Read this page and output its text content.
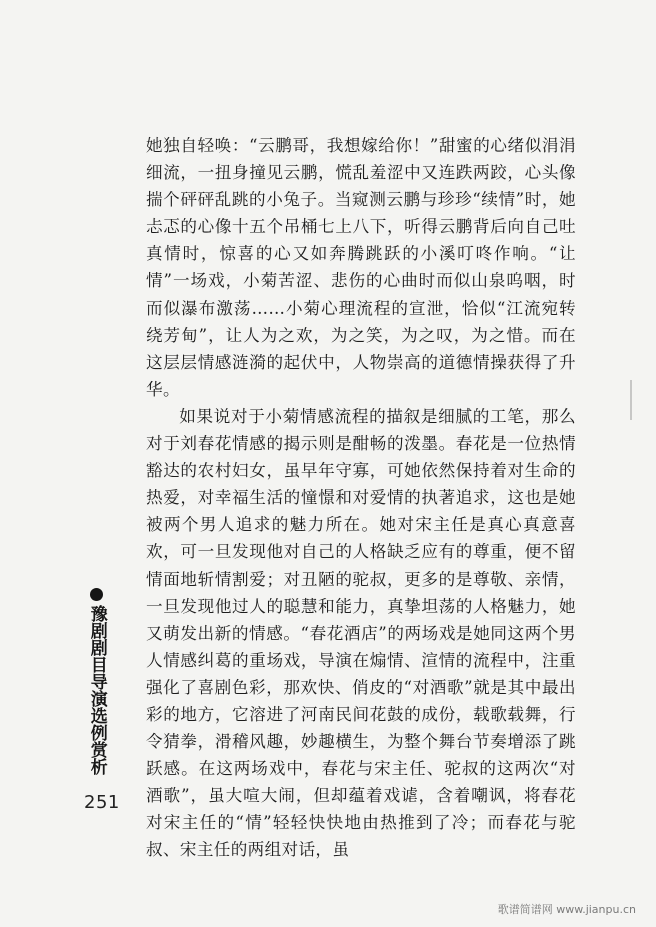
她独自轻唤：“云鹏哥，我想嫁给你！”甜蜜的心绪似涓涓细流，一扭身撞见云鹏，慌乱羞涩中又连跌两跤，心头像揣个砰砰乱跳的小兔子。当窥测云鹏与珍珍“续情”时，她忐忑的心像十五个吊桶七上八下，听得云鹏背后向自己吐真情时，惊喜的心又如奔腾跳跃的小溪叮咚作响。“让情”一场戏，小菊苦涩、悲伤的心曲时而似山泉呜咽，时而似瀑布激荡……小菊心理流程的宣泄，恰似“江流宛转绕芳甸”，让人为之欢，为之笑，为之叹，为之惜。而在这层层情感涟漪的起伏中，人物崇高的道德情操获得了升华。

如果说对于小菊情感流程的描叙是细腻的工笔，那么对于刘春花情感的揭示则是酣畅的泼墨。春花是一位热情豁达的农村妇女，虽早年守寡，可她依然保持着对生命的热爱，对幸福生活的憧憬和对爱情的执著追求，这也是她被两个男人追求的魅力所在。她对宋主任是真心真意喜欢，可一旦发现他对自己的人格缺乏应有的尊重，便不留情面地斩情割爱；对丑陋的驼叔，更多的是尊敬、亲情，一旦发现他过人的聪慧和能力，真挚坦荡的人格魅力，她又萌发出新的情感。“春花酒店”的两场戏是她同这两个男人情感纠葛的重场戏，导演在煽情、渲情的流程中，注重强化了喜剧色彩，那欢快、俏皮的“对酒歌”就是其中最出彩的地方，它溶进了河南民间花鼓的成份，载歌载舞，行令猜拳，滑稽风趣，妙趣横生，为整个舞台节奏增添了跳跃感。在这两场戏中，春花与宋主任、驼叔的这两次“对酒歌”，虽大喧大闹，但却蕴着戏谑，含着嘲讽，将春花对宋主任的“情”轻轻快快地由热推到了冷；而春花与驼叔、宋主任的两组对话，虽

豫剧剧目导演选例赏析
251
歌谱简谱网 www.jianpu.cn
